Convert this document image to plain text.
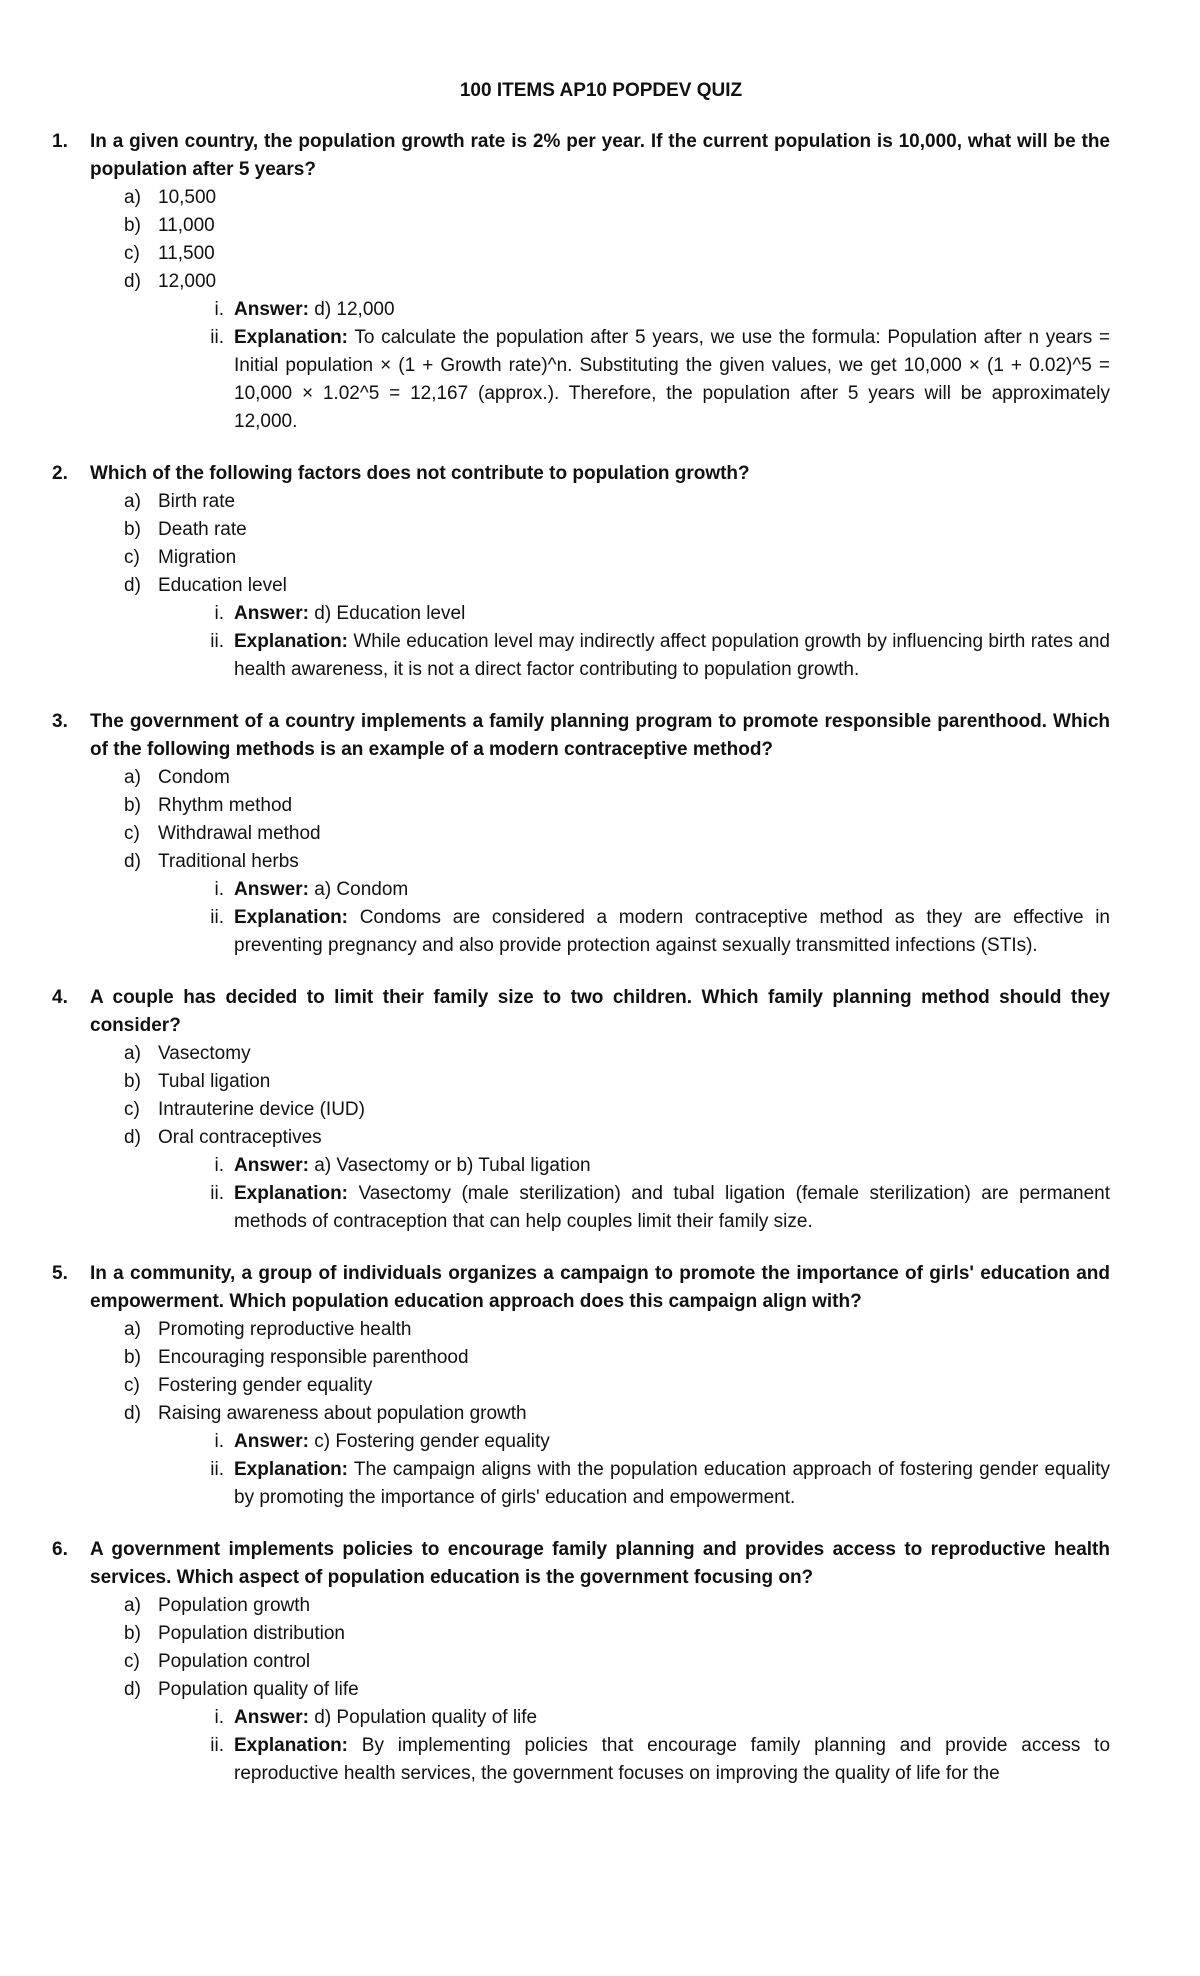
100 ITEMS AP10 POPDEV QUIZ
1.	In a given country, the population growth rate is 2% per year. If the current population is 10,000, what will be the population after 5 years?
a) 10,500
b) 11,000
c) 11,500
d) 12,000
i. Answer: d) 12,000
ii. Explanation: To calculate the population after 5 years, we use the formula: Population after n years = Initial population × (1 + Growth rate)^n. Substituting the given values, we get 10,000 × (1 + 0.02)^5 = 10,000 × 1.02^5 = 12,167 (approx.). Therefore, the population after 5 years will be approximately 12,000.
2.	Which of the following factors does not contribute to population growth?
a) Birth rate
b) Death rate
c) Migration
d) Education level
i. Answer: d) Education level
ii. Explanation: While education level may indirectly affect population growth by influencing birth rates and health awareness, it is not a direct factor contributing to population growth.
3.	The government of a country implements a family planning program to promote responsible parenthood. Which of the following methods is an example of a modern contraceptive method?
a) Condom
b) Rhythm method
c) Withdrawal method
d) Traditional herbs
i. Answer: a) Condom
ii. Explanation: Condoms are considered a modern contraceptive method as they are effective in preventing pregnancy and also provide protection against sexually transmitted infections (STIs).
4.	A couple has decided to limit their family size to two children. Which family planning method should they consider?
a) Vasectomy
b) Tubal ligation
c) Intrauterine device (IUD)
d) Oral contraceptives
i. Answer: a) Vasectomy or b) Tubal ligation
ii. Explanation: Vasectomy (male sterilization) and tubal ligation (female sterilization) are permanent methods of contraception that can help couples limit their family size.
5.	In a community, a group of individuals organizes a campaign to promote the importance of girls' education and empowerment. Which population education approach does this campaign align with?
a) Promoting reproductive health
b) Encouraging responsible parenthood
c) Fostering gender equality
d) Raising awareness about population growth
i. Answer: c) Fostering gender equality
ii. Explanation: The campaign aligns with the population education approach of fostering gender equality by promoting the importance of girls' education and empowerment.
6.	A government implements policies to encourage family planning and provides access to reproductive health services. Which aspect of population education is the government focusing on?
a) Population growth
b) Population distribution
c) Population control
d) Population quality of life
i. Answer: d) Population quality of life
ii. Explanation: By implementing policies that encourage family planning and provide access to reproductive health services, the government focuses on improving the quality of life for the
